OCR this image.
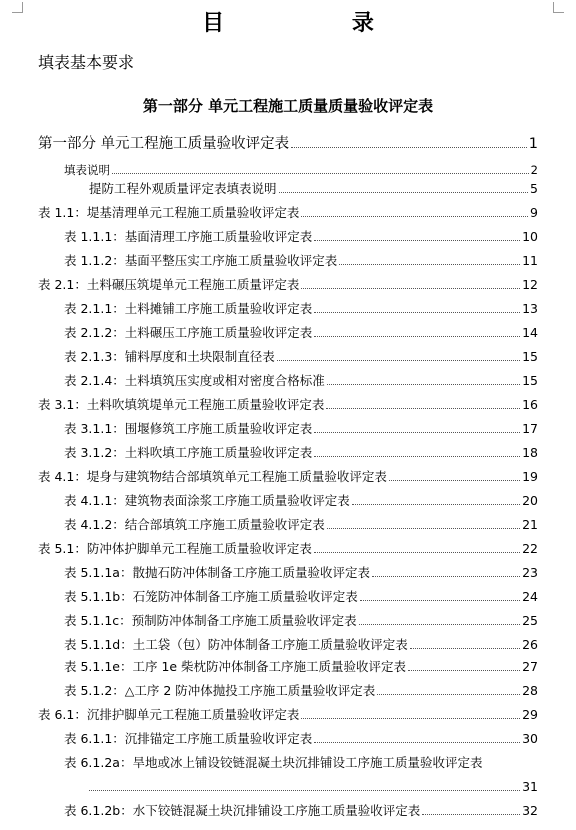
目 录
填表基本要求
第一部分 单元工程施工质量质量验收评定表
第一部分 单元工程施工质量验收评定表	1
填表说明	2
提防工程外观质量评定表填表说明	5
表 1.1：堤基清理单元工程施工质量验收评定表	9
表 1.1.1：基面清理工序施工质量验收评定表	10
表 1.1.2：基面平整压实工序施工质量验收评定表	11
表 2.1：土料碾压筑堤单元工程施工质量评定表	12
表 2.1.1：土料摊铺工序施工质量验收评定表	13
表 2.1.2：土料碾压工序施工质量验收评定表	14
表 2.1.3：铺料厚度和土块限制直径表	15
表 2.1.4：土料填筑压实度或相对密度合格标准	15
表 3.1：土料吹填筑堤单元工程施工质量验收评定表	16
表 3.1.1：围堰修筑工序施工质量验收评定表	17
表 3.1.2：土料吹填工序施工质量验收评定表	18
表 4.1：堤身与建筑物结合部填筑单元工程施工质量验收评定表	19
表 4.1.1：建筑物表面涂浆工序施工质量验收评定表	20
表 4.1.2：结合部填筑工序施工质量验收评定表	21
表 5.1：防冲体护脚单元工程施工质量验收评定表	22
表 5.1.1a：散抛石防冲体制备工序施工质量验收评定表	23
表 5.1.1b：石笼防冲体制备工序施工质量验收评定表	24
表 5.1.1c：预制防冲体制备工序施工质量验收评定表	25
表 5.1.1d：土工袋（包）防冲体制备工序施工质量验收评定表	26
表 5.1.1e：工序 1e 柴枕防冲体制备工序施工质量验收评定表	27
表 5.1.2：△工序 2 防冲体抛投工序施工质量验收评定表	28
表 6.1：沉排护脚单元工程施工质量验收评定表	29
表 6.1.1：沉排锚定工序施工质量验收评定表	30
表 6.1.2a：旱地或冰上铺设铰链混凝土块沉排铺设工序施工质量验收评定表
31
表 6.1.2b：水下铰链混凝土块沉排铺设工序施工质量验收评定表	32
